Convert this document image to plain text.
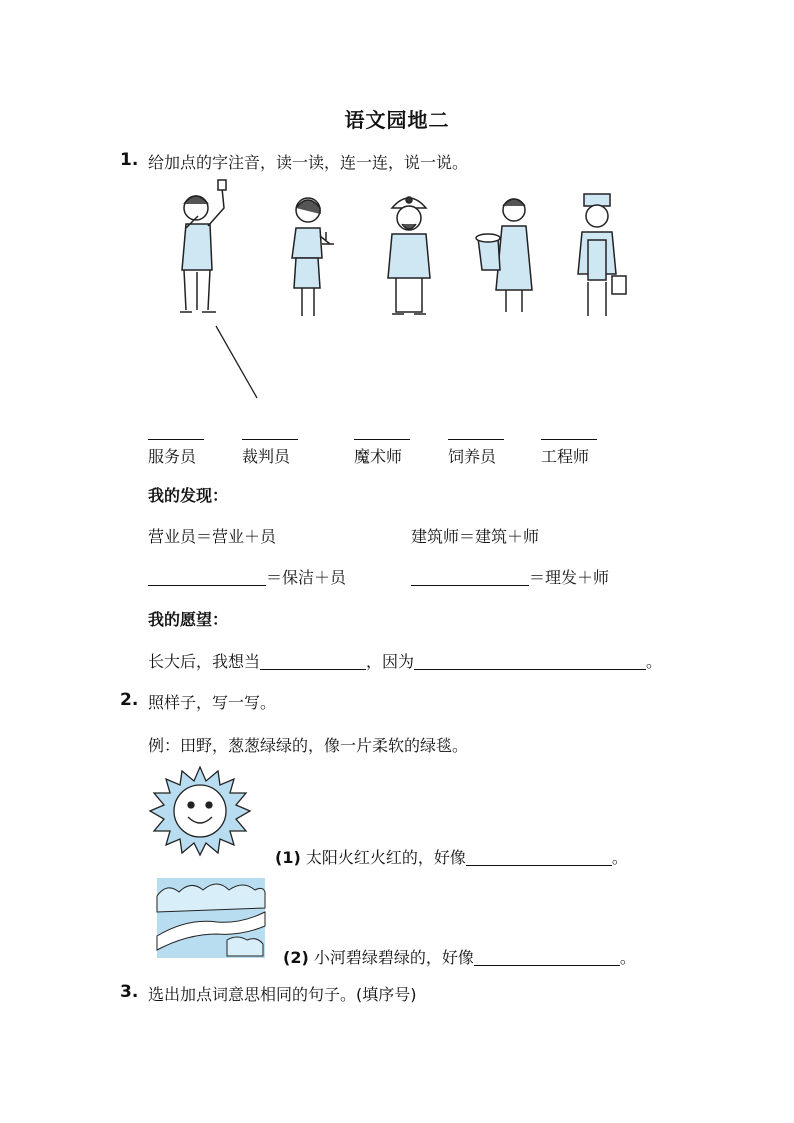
语文园地二
1. 给加点的字注音，读一读，连一连，说一说。
服务员	裁判员	魔术师	饲养员	工程师
我的发现：
营业员＝营业＋员	建筑师＝建筑＋师
＝保洁＋员	＝理发＋师
我的愿望：
长大后，我想当	，因为	。
2. 照样子，写一写。
例：田野，葱葱绿绿的，像一片柔软的绿毯。
(1) 太阳火红火红的，好像	。
(2) 小河碧绿碧绿的，好像	。
3. 选出加点词意思相同的句子。(填序号)
